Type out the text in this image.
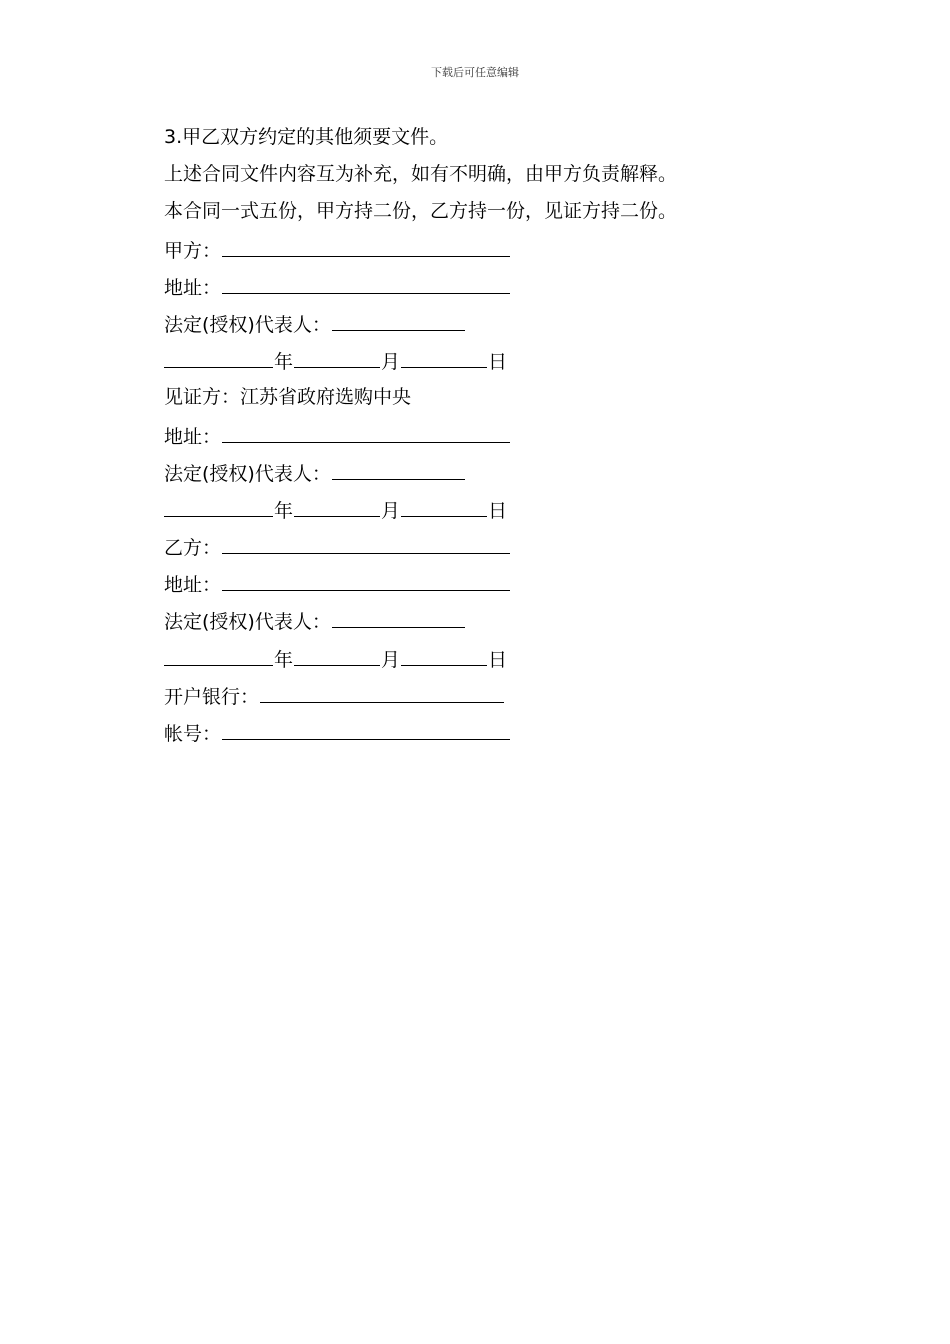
下载后可任意编辑
3.甲乙双方约定的其他须要文件。
上述合同文件内容互为补充，如有不明确，由甲方负责解释。
本合同一式五份，甲方持二份，乙方持一份，见证方持二份。
甲方：
地址：
法定(授权)代表人：
年	月	日
见证方：江苏省政府选购中央
地址：
法定(授权)代表人：
年	月	日
乙方：
地址：
法定(授权)代表人：
年	月	日
开户银行：
帐号：
